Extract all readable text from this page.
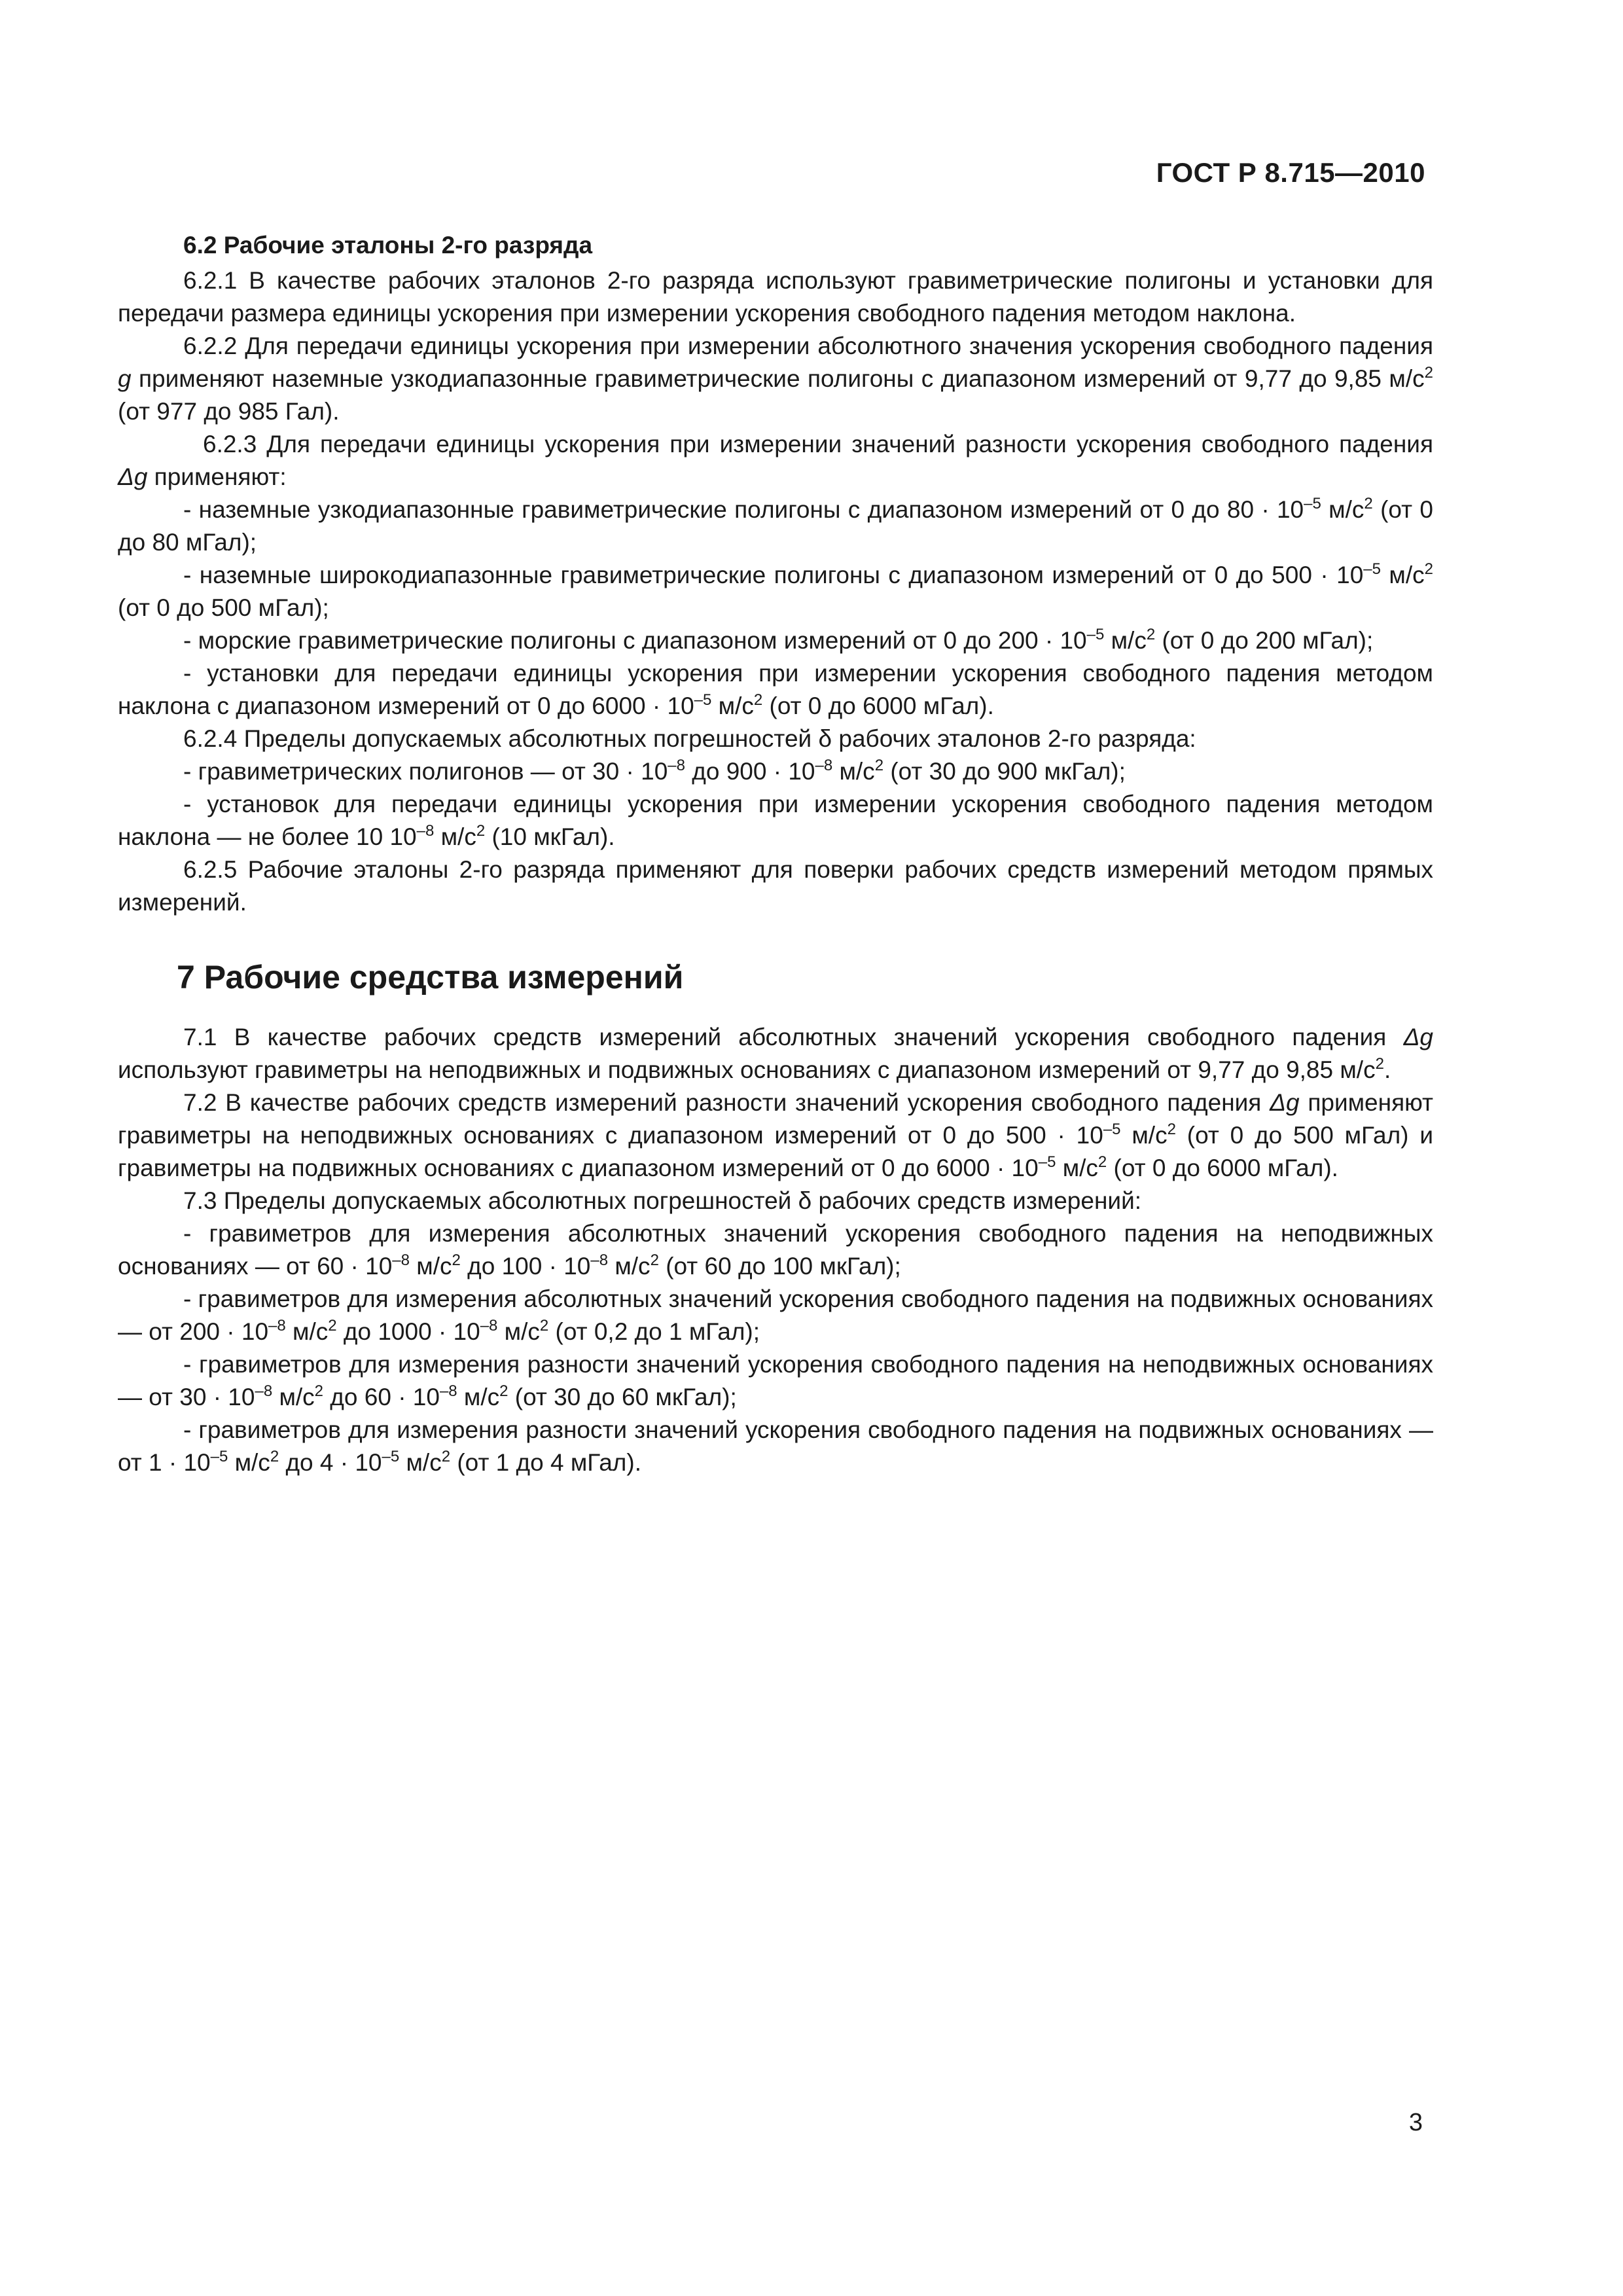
ГОСТ Р 8.715—2010
6.2 Рабочие эталоны 2-го разряда

6.2.1 В качестве рабочих эталонов 2-го разряда используют гравиметрические полигоны и установки для передачи размера единицы ускорения при измерении ускорения свободного падения методом наклона.

6.2.2 Для передачи единицы ускорения при измерении абсолютного значения ускорения свободного падения g применяют наземные узкодиапазонные гравиметрические полигоны с диапазоном измерений от 9,77 до 9,85 $м/с^2$ (от 977 до 985 Гал).

6.2.3 Для передачи единицы ускорения при измерении значений разности ускорения свободного падения Δg применяют:

- наземные узкодиапазонные гравиметрические полигоны с диапазоном измерений от 0 до $80 \cdot 10^{-5}$ $м/с^2$ (от 0 до 80 мГал);

- наземные широкодиапазонные гравиметрические полигоны с диапазоном измерений от 0 до $500 \cdot 10^{-5}$ $м/с^2$ (от 0 до 500 мГал);

- морские гравиметрические полигоны с диапазоном измерений от 0 до $200 \cdot 10^{-5}$ $м/с^2$ (от 0 до 200 мГал);

- установки для передачи единицы ускорения при измерении ускорения свободного падения методом наклона с диапазоном измерений от 0 до $6000 \cdot 10^{-5}$ $м/с^2$ (от 0 до 6000 мГал).

6.2.4 Пределы допускаемых абсолютных погрешностей δ рабочих эталонов 2-го разряда:

- гравиметрических полигонов — от $30 \cdot 10^{-8}$ до $900 \cdot 10^{-8}$ $м/с^2$ (от 30 до 900 мкГал);

- установок для передачи единицы ускорения при измерении ускорения свободного падения методом наклона — не более 10 $10^{-8}$ $м/с^2$ (10 мкГал).

6.2.5 Рабочие эталоны 2-го разряда применяют для поверки рабочих средств измерений методом прямых измерений.

7 Рабочие средства измерений

7.1 В качестве рабочих средств измерений абсолютных значений ускорения свободного падения Δg используют гравиметры на неподвижных и подвижных основаниях с диапазоном измерений от 9,77 до 9,85 $м/с^2$.

7.2 В качестве рабочих средств измерений разности значений ускорения свободного падения Δg применяют гравиметры на неподвижных основаниях с диапазоном измерений от 0 до $500 \cdot 10^{-5}$ $м/с^2$ (от 0 до 500 мГал) и гравиметры на подвижных основаниях с диапазоном измерений от 0 до $6000 \cdot 10^{-5}$ $м/с^2$ (от 0 до 6000 мГал).

7.3 Пределы допускаемых абсолютных погрешностей δ рабочих средств измерений:

- гравиметров для измерения абсолютных значений ускорения свободного падения на неподвижных основаниях — от $60 \cdot 10^{-8}$ $м/с^2$ до $100 \cdot 10^{-8}$ $м/с^2$ (от 60 до 100 мкГал);

- гравиметров для измерения абсолютных значений ускорения свободного падения на подвижных основаниях — от $200 \cdot 10^{-8}$ $м/с^2$ до $1000 \cdot 10^{-8}$ $м/с^2$ (от 0,2 до 1 мГал);

- гравиметров для измерения разности значений ускорения свободного падения на неподвижных основаниях — от $30 \cdot 10^{-8}$ $м/с^2$ до $60 \cdot 10^{-8}$ $м/с^2$ (от 30 до 60 мкГал);

- гравиметров для измерения разности значений ускорения свободного падения на подвижных основаниях — от $1 \cdot 10^{-5}$ $м/с^2$ до $4 \cdot 10^{-5}$ $м/с^2$ (от 1 до 4 мГал).

3
